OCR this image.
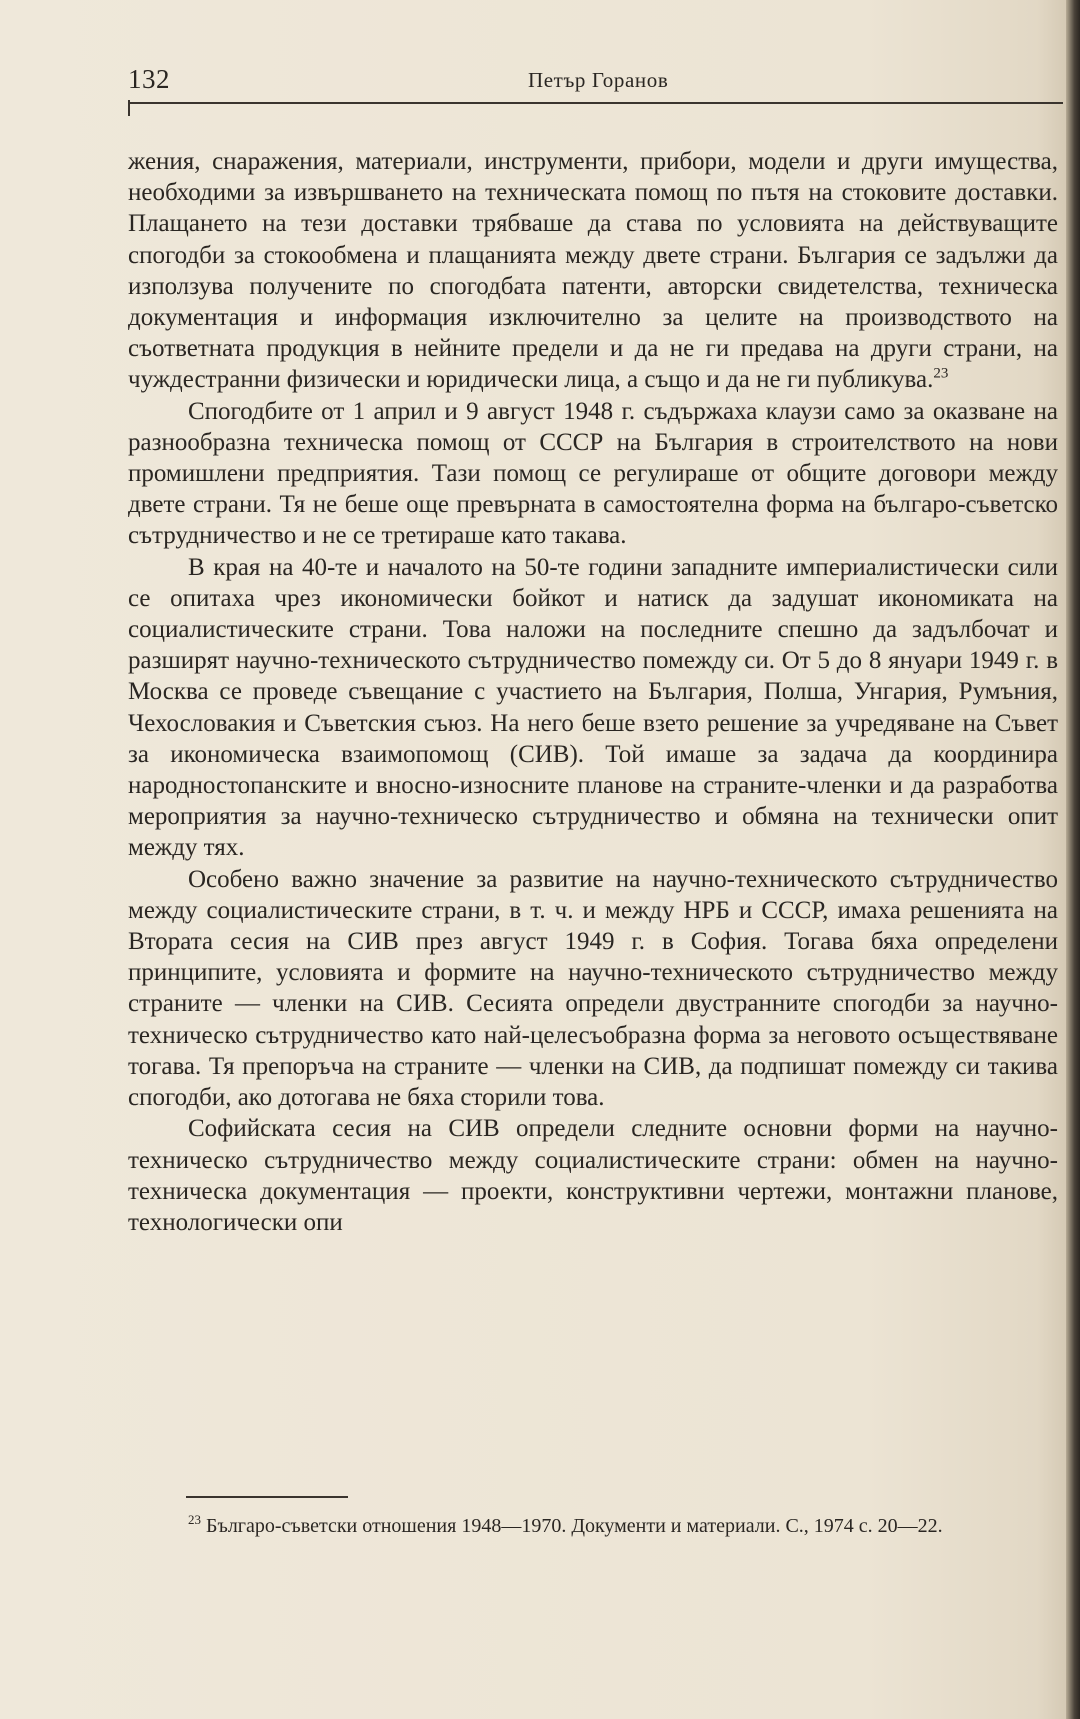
132	Петър Горанов

жения, снаражения, материали, инструменти, прибори, модели и други имущества, необходими за извършването на техническата помощ по пътя на стоковите доставки. Плащането на тези доставки трябваше да става по условията на действуващите спогодби за стокообмена и плащанията между двете страни. България се задължи да използува получените по спогодбата патенти, авторски свидетелства, техническа документация и информация изключително за целите на производството на съответната продукция в нейните предели и да не ги предава на други страни, на чуждестранни физически и юридически лица, а също и да не ги публикува.$^{23}$

Спогодбите от 1 април и 9 август 1948 г. съдържаха клаузи само за оказване на разнообразна техническа помощ от СССР на България в строителството на нови промишлени предприятия. Тази помощ се регулираше от общите договори между двете страни. Тя не беше още превърната в самостоятелна форма на българо-съветско сътрудничество и не се третираше като такава.

В края на 40-те и началото на 50-те години западните империалистически сили се опитаха чрез икономически бойкот и натиск да задушат икономиката на социалистическите страни. Това наложи на последните спешно да задълбочат и разширят научно-техническото сътрудничество помежду си. От 5 до 8 януари 1949 г. в Москва се проведе съвещание с участието на България, Полша, Унгария, Румъния, Чехословакия и Съветския съюз. На него беше взето решение за учредяване на Съвет за икономическа взаимопомощ (СИВ). Той имаше за задача да координира народностопанските и вносно-износните планове на страните-членки и да разработва мероприятия за научно-техническо сътрудничество и обмяна на технически опит между тях.

Особено важно значение за развитие на научно-техническото сътрудничество между социалистическите страни, в т. ч. и между НРБ и СССР, имаха решенията на Втората сесия на СИВ през август 1949 г. в София. Тогава бяха определени принципите, условията и формите на научно-техническото сътрудничество между страните — членки на СИВ. Сесията определи двустранните спогодби за научно-техническо сътрудничество като най-целесъобразна форма за неговото осъществяване тогава. Тя препоръча на страните — членки на СИВ, да подпишат помежду си такива спогодби, ако дотогава не бяха сторили това.

Софийската сесия на СИВ определи следните основни форми на научно-техническо сътрудничество между социалистическите страни: обмен на научно-техническа документация — проекти, конструктивни чертежи, монтажни планове, технологически опи

$^{23}$ Българо-съветски отношения 1948—1970. Документи и материали. С., 1974 с. 20—22.
